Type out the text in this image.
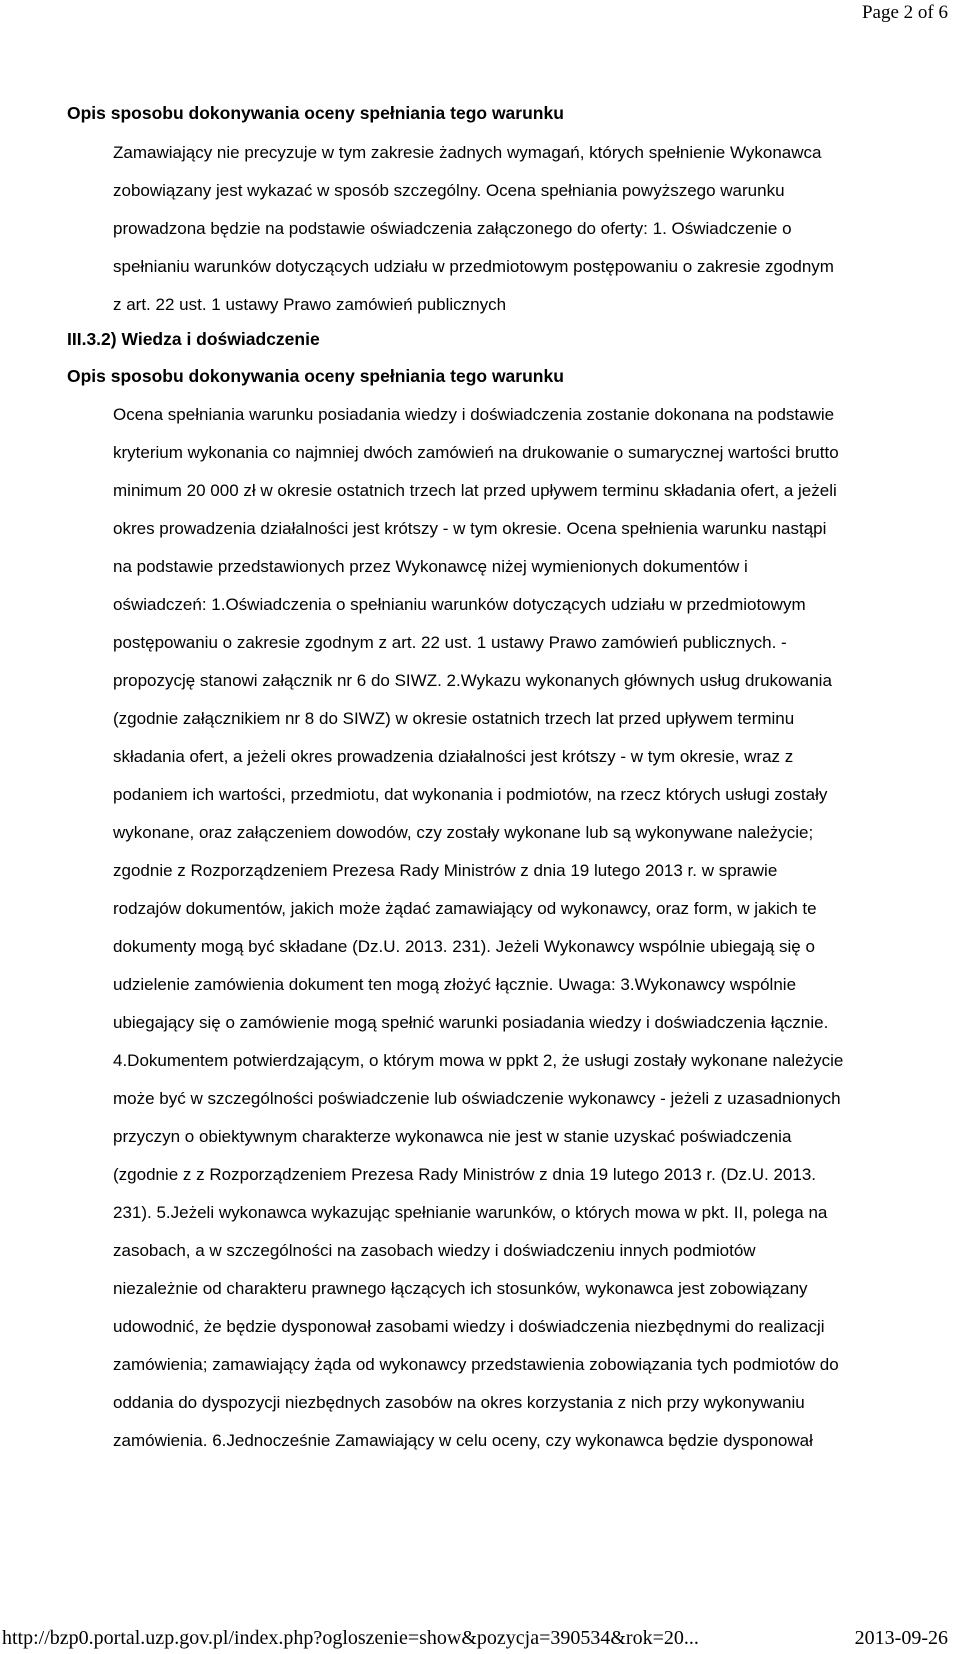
Page 2 of 6
Opis sposobu dokonywania oceny spełniania tego warunku
Zamawiający nie precyzuje w tym zakresie żadnych wymagań, których spełnienie Wykonawca
zobowiązany jest wykazać w sposób szczególny. Ocena spełniania powyższego warunku
prowadzona będzie na podstawie oświadczenia załączonego do oferty: 1. Oświadczenie o
spełnianiu warunków dotyczących udziału w przedmiotowym postępowaniu o zakresie zgodnym
z art. 22 ust. 1 ustawy Prawo zamówień publicznych
III.3.2) Wiedza i doświadczenie
Opis sposobu dokonywania oceny spełniania tego warunku
Ocena spełniania warunku posiadania wiedzy i doświadczenia zostanie dokonana na podstawie
kryterium wykonania co najmniej dwóch zamówień na drukowanie o sumarycznej wartości brutto
minimum 20 000 zł w okresie ostatnich trzech lat przed upływem terminu składania ofert, a jeżeli
okres prowadzenia działalności jest krótszy - w tym okresie. Ocena spełnienia warunku nastąpi
na podstawie przedstawionych przez Wykonawcę niżej wymienionych dokumentów i
oświadczeń: 1.Oświadczenia o spełnianiu warunków dotyczących udziału w przedmiotowym
postępowaniu o zakresie zgodnym z art. 22 ust. 1 ustawy Prawo zamówień publicznych. -
propozycję stanowi załącznik nr 6 do SIWZ. 2.Wykazu wykonanych głównych usług drukowania
(zgodnie załącznikiem nr 8 do SIWZ) w okresie ostatnich trzech lat przed upływem terminu
składania ofert, a jeżeli okres prowadzenia działalności jest krótszy - w tym okresie, wraz z
podaniem ich wartości, przedmiotu, dat wykonania i podmiotów, na rzecz których usługi zostały
wykonane, oraz załączeniem dowodów, czy zostały wykonane lub są wykonywane należycie;
zgodnie z Rozporządzeniem Prezesa Rady Ministrów z dnia 19 lutego 2013 r. w sprawie
rodzajów dokumentów, jakich może żądać zamawiający od wykonawcy, oraz form, w jakich te
dokumenty mogą być składane (Dz.U. 2013. 231). Jeżeli Wykonawcy wspólnie ubiegają się o
udzielenie zamówienia dokument ten mogą złożyć łącznie. Uwaga: 3.Wykonawcy wspólnie
ubiegający się o zamówienie mogą spełnić warunki posiadania wiedzy i doświadczenia łącznie.
4.Dokumentem potwierdzającym, o którym mowa w ppkt 2, że usługi zostały wykonane należycie
może być w szczególności poświadczenie lub oświadczenie wykonawcy - jeżeli z uzasadnionych
przyczyn o obiektywnym charakterze wykonawca nie jest w stanie uzyskać poświadczenia
(zgodnie z z Rozporządzeniem Prezesa Rady Ministrów z dnia 19 lutego 2013 r. (Dz.U. 2013.
231). 5.Jeżeli wykonawca wykazując spełnianie warunków, o których mowa w pkt. II, polega na
zasobach, a w szczególności na zasobach wiedzy i doświadczeniu innych podmiotów
niezależnie od charakteru prawnego łączących ich stosunków, wykonawca jest zobowiązany
udowodnić, że będzie dysponował zasobami wiedzy i doświadczenia niezbędnymi do realizacji
zamówienia; zamawiający żąda od wykonawcy przedstawienia zobowiązania tych podmiotów do
oddania do dyspozycji niezbędnych zasobów na okres korzystania z nich przy wykonywaniu
zamówienia. 6.Jednocześnie Zamawiający w celu oceny, czy wykonawca będzie dysponował
http://bzp0.portal.uzp.gov.pl/index.php?ogloszenie=show&pozycja=390534&rok=20...	2013-09-26
